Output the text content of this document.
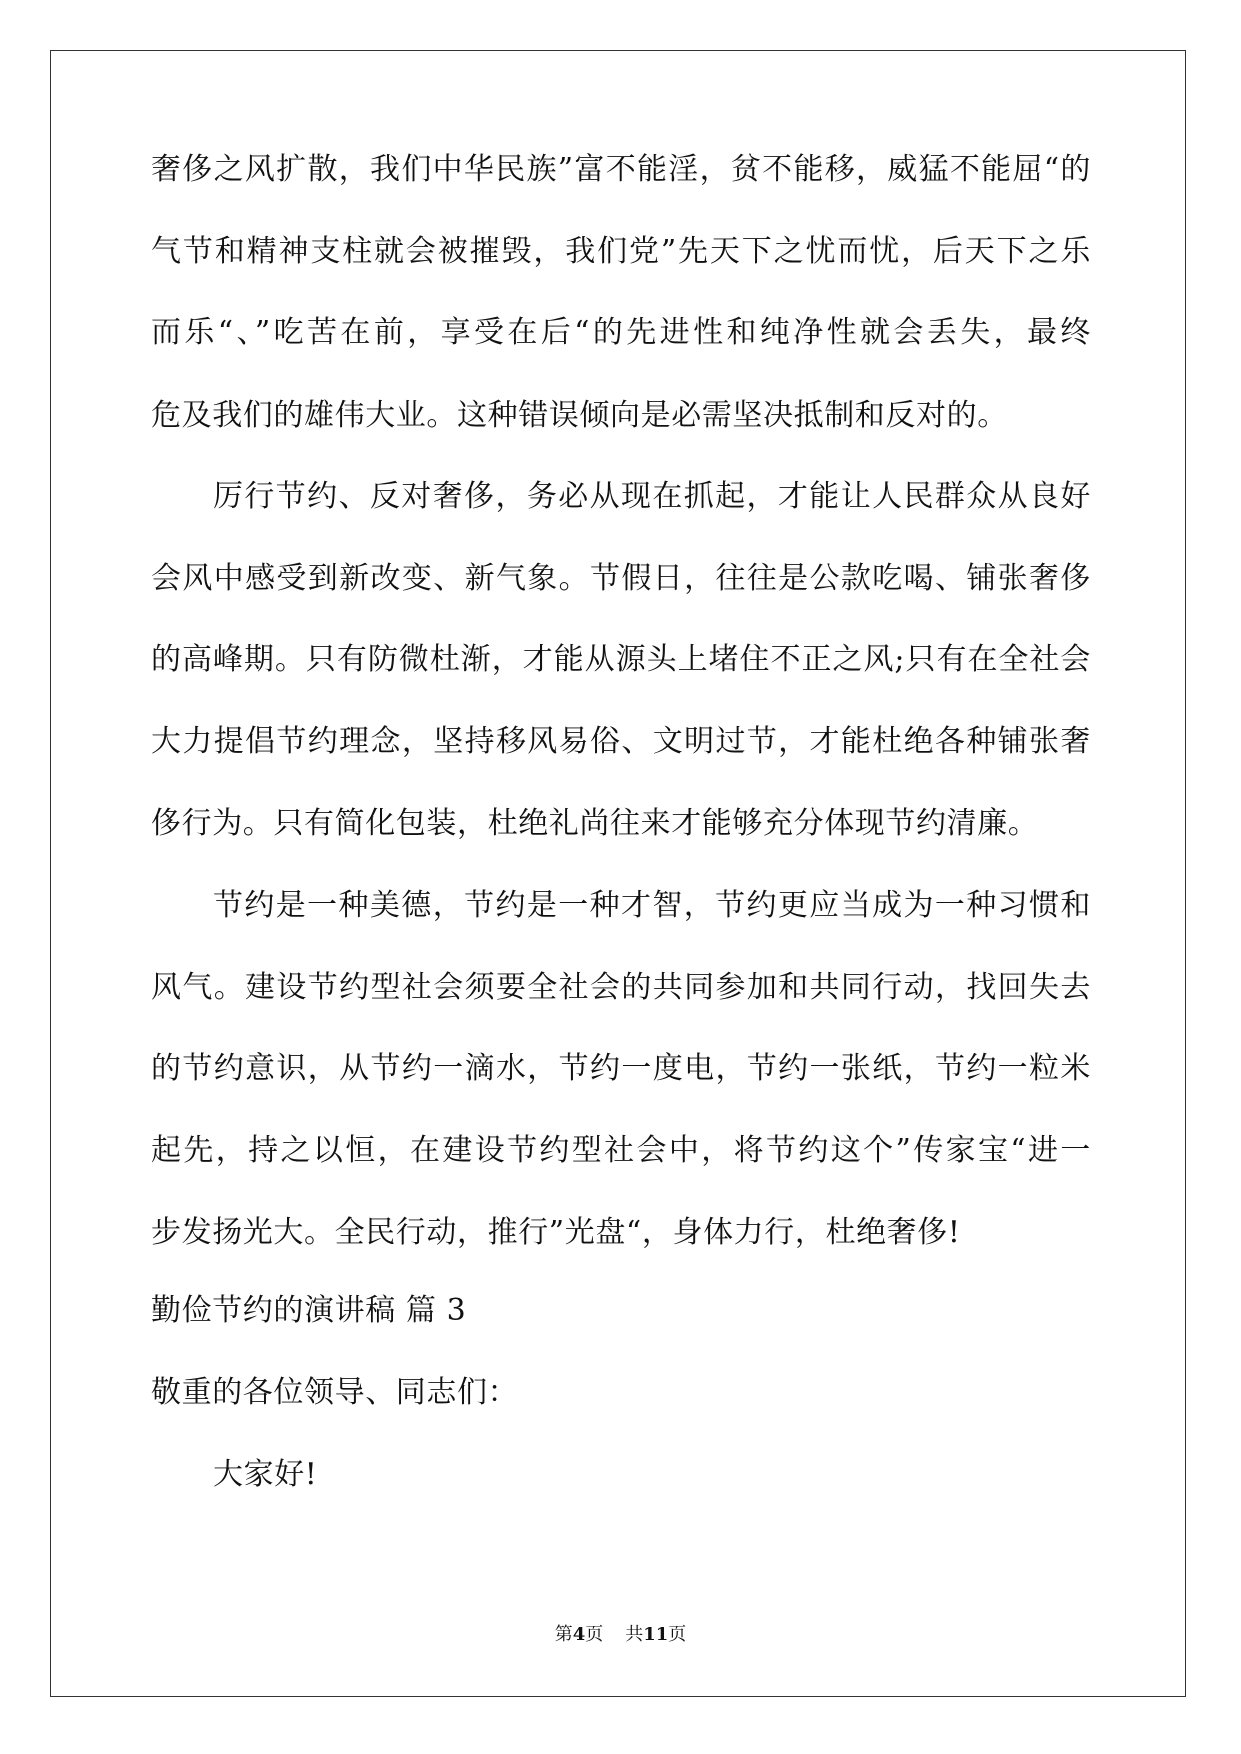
奢侈之风扩散，我们中华民族”富不能淫，贫不能移，威猛不能屈“的
气节和精神支柱就会被摧毁，我们党”先天下之忧而忧，后天下之乐
而乐“、”吃苦在前，享受在后“的先进性和纯净性就会丢失，最终
危及我们的雄伟大业。这种错误倾向是必需坚决抵制和反对的。
厉行节约、反对奢侈，务必从现在抓起，才能让人民群众从良好
会风中感受到新改变、新气象。节假日，往往是公款吃喝、铺张奢侈
的高峰期。只有防微杜渐，才能从源头上堵住不正之风;只有在全社会
大力提倡节约理念，坚持移风易俗、文明过节，才能杜绝各种铺张奢
侈行为。只有简化包装，杜绝礼尚往来才能够充分体现节约清廉。
节约是一种美德，节约是一种才智，节约更应当成为一种习惯和
风气。建设节约型社会须要全社会的共同参加和共同行动，找回失去
的节约意识，从节约一滴水，节约一度电，节约一张纸，节约一粒米
起先，持之以恒，在建设节约型社会中，将节约这个”传家宝“进一
步发扬光大。全民行动，推行”光盘“，身体力行，杜绝奢侈!
勤俭节约的演讲稿 篇 3
敬重的各位领导、同志们：
大家好!
第4页 共11页
